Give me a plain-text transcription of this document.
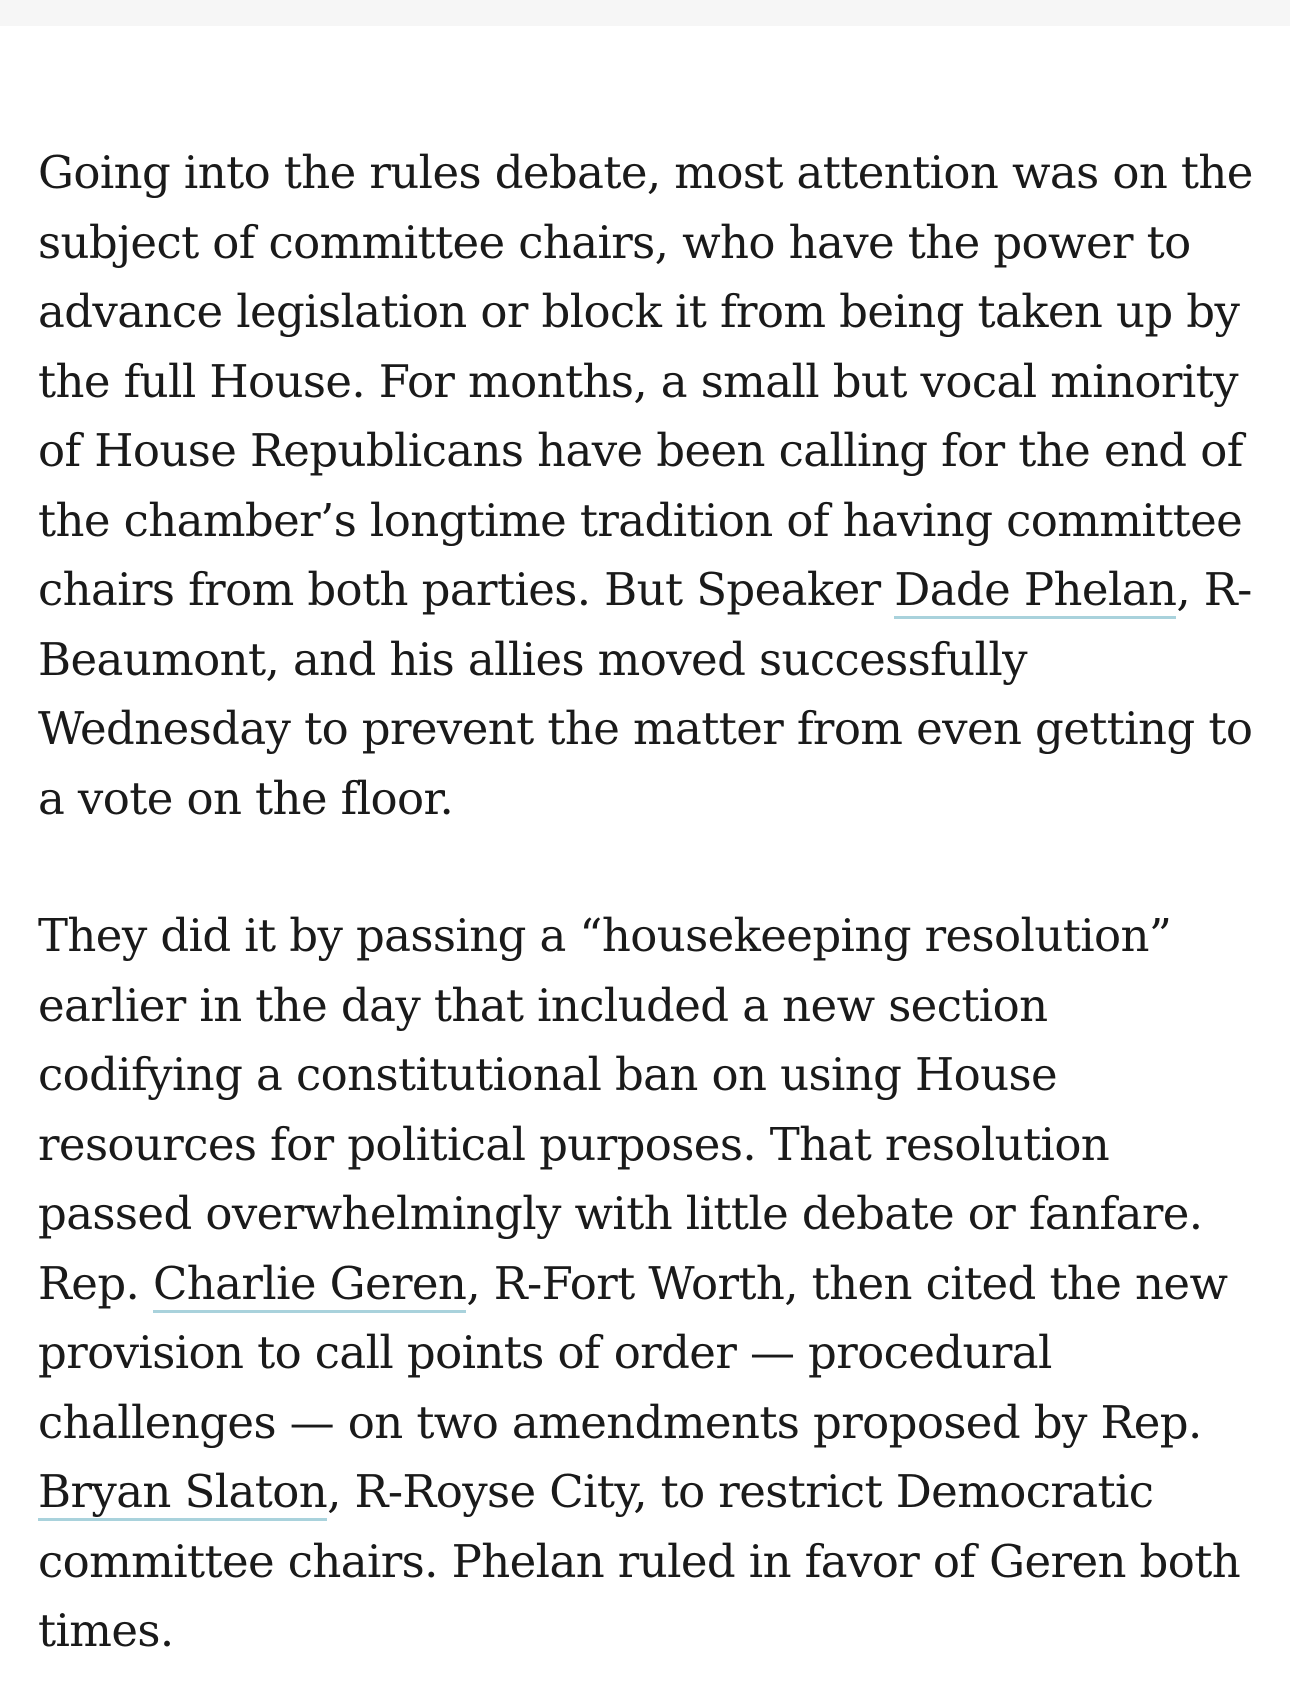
Going into the rules debate, most attention was on the subject of committee chairs, who have the power to advance legislation or block it from being taken up by the full House. For months, a small but vocal minority of House Republicans have been calling for the end of the chamber’s longtime tradition of having committee chairs from both parties. But Speaker Dade Phelan, R-Beaumont, and his allies moved successfully Wednesday to prevent the matter from even getting to a vote on the floor.

They did it by passing a “housekeeping resolution” earlier in the day that included a new section codifying a constitutional ban on using House resources for political purposes. That resolution passed overwhelmingly with little debate or fanfare. Rep. Charlie Geren, R-Fort Worth, then cited the new provision to call points of order — procedural challenges — on two amendments proposed by Rep. Bryan Slaton, R-Royse City, to restrict Democratic committee chairs. Phelan ruled in favor of Geren both times.
